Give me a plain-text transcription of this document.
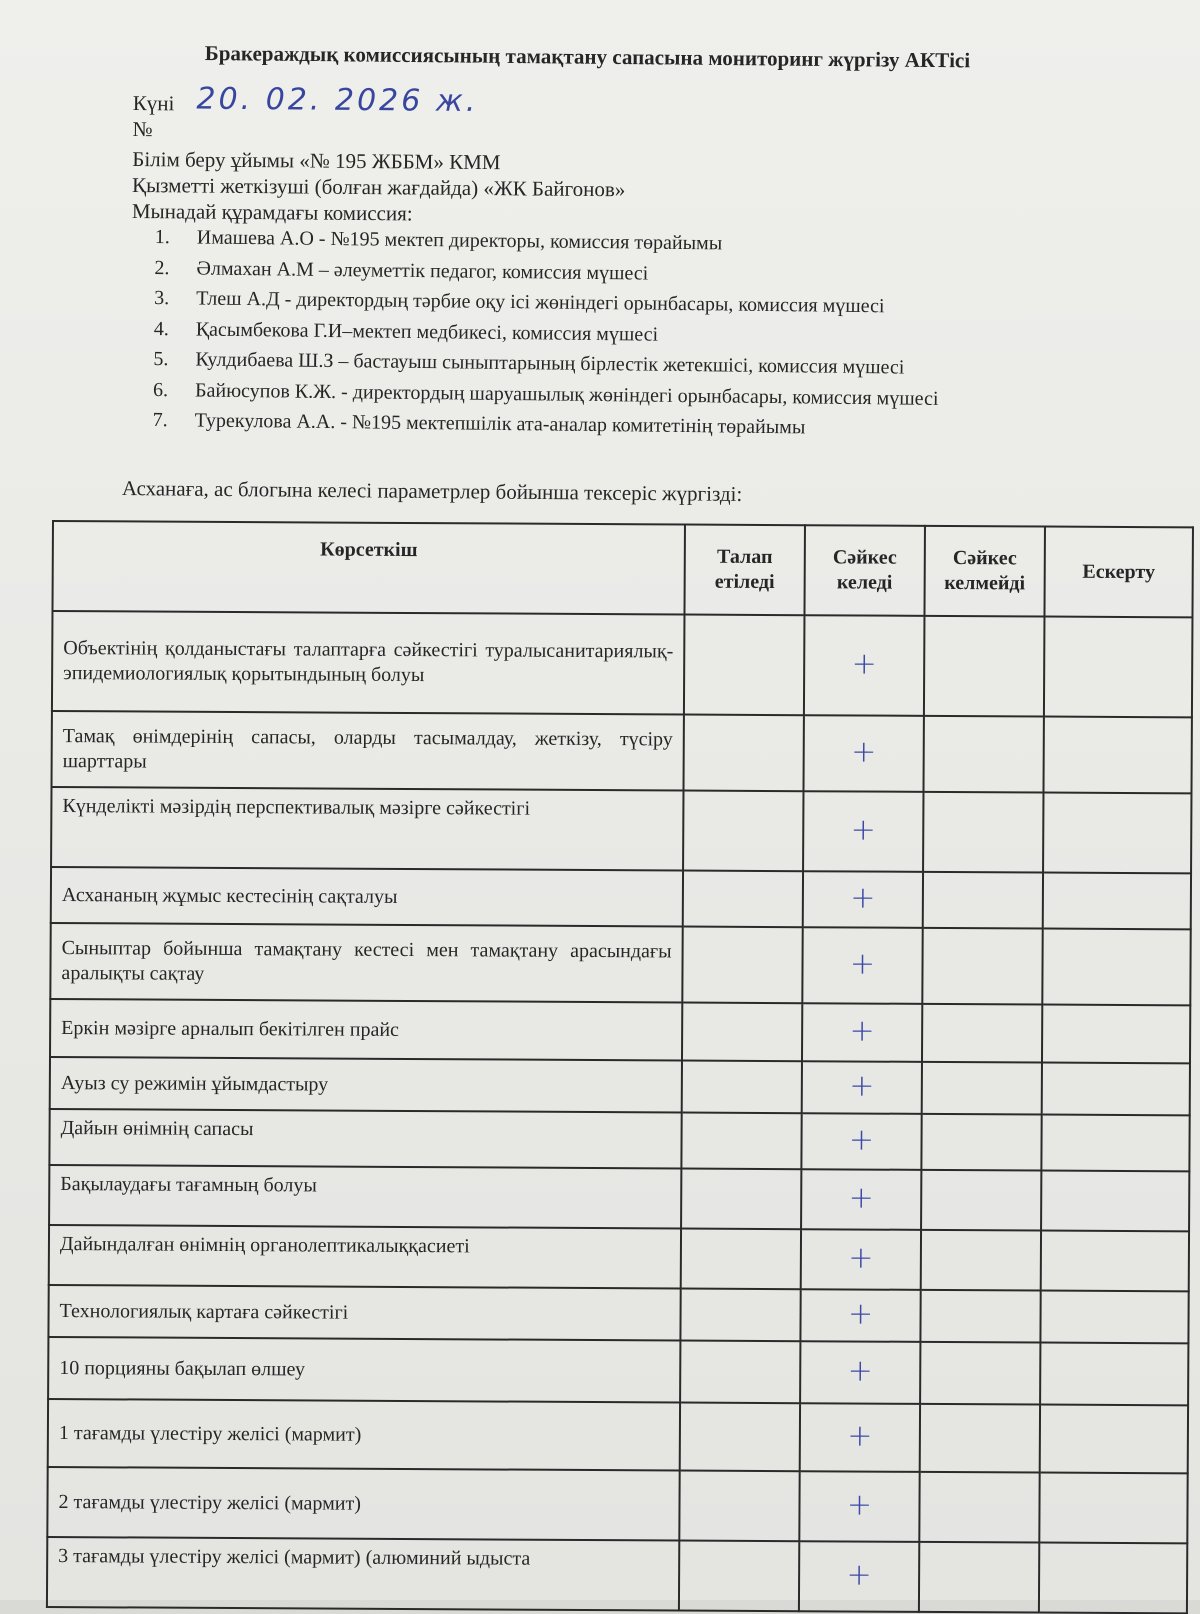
Бракераждық комиссиясының тамақтану сапасына мониторинг жүргізу АКТісі
Күні 20. 02. 2026 ж.
№
Білім беру ұйымы «№ 195 ЖББМ» КММ
Қызметті жеткізуші (болған жағдайда) «ЖК Байгонов»
Мынадай құрамдағы комиссия:
1.	Имашева А.О - №195 мектеп директоры, комиссия төрайымы
2.	Әлмахан А.М – әлеуметтік педагог, комиссия мүшесі
3.	Тлеш А.Д - директордың тәрбие оқу ісі жөніндегі орынбасары, комиссия мүшесі
4.	Қасымбекова Г.И–мектеп медбикесі, комиссия мүшесі
5.	Кулдибаева Ш.З – бастауыш сыныптарының бірлестік жетекшісі, комиссия мүшесі
6.	Байюсупов К.Ж. - директордың шаруашылық жөніндегі орынбасары, комиссия мүшесі
7.	Турекулова А.А. - №195 мектепшілік ата-аналар комитетінің төрайымы
Асханаға, ас блогына келесі параметрлер бойынша тексеріс жүргізді:
Көрсеткіш	Талап етіледі	Сәйкес келеді	Сәйкес келмейді	Ескерту
Объектінің қолданыстағы талаптарға сәйкестігі туралысанитариялық-эпидемиологиялық қорытындының болуы		+		
Тамақ өнімдерінің сапасы, оларды тасымалдау, жеткізу, түсіру шарттары		+		
Күнделікті мәзірдің перспективалық мәзірге сәйкестігі		+		
Асхананың жұмыс кестесінің сақталуы		+		
Сыныптар бойынша тамақтану кестесі мен тамақтану арасындағы аралықты сақтау		+		
Еркін мәзірге арналып бекітілген прайс		+		
Ауыз су режимін ұйымдастыру		+		
Дайын өнімнің сапасы		+		
Бақылаудағы тағамның болуы		+		
Дайындалған өнімнің органолептикалыққасиеті		+		
Технологиялық картаға сәйкестігі		+		
10 порцияны бақылап өлшеу		+		
1 тағамды үлестіру желісі (мармит)		+		
2 тағамды үлестіру желісі (мармит)		+		
3 тағамды үлестіру желісі (мармит) (алюминий ыдыста		+		
